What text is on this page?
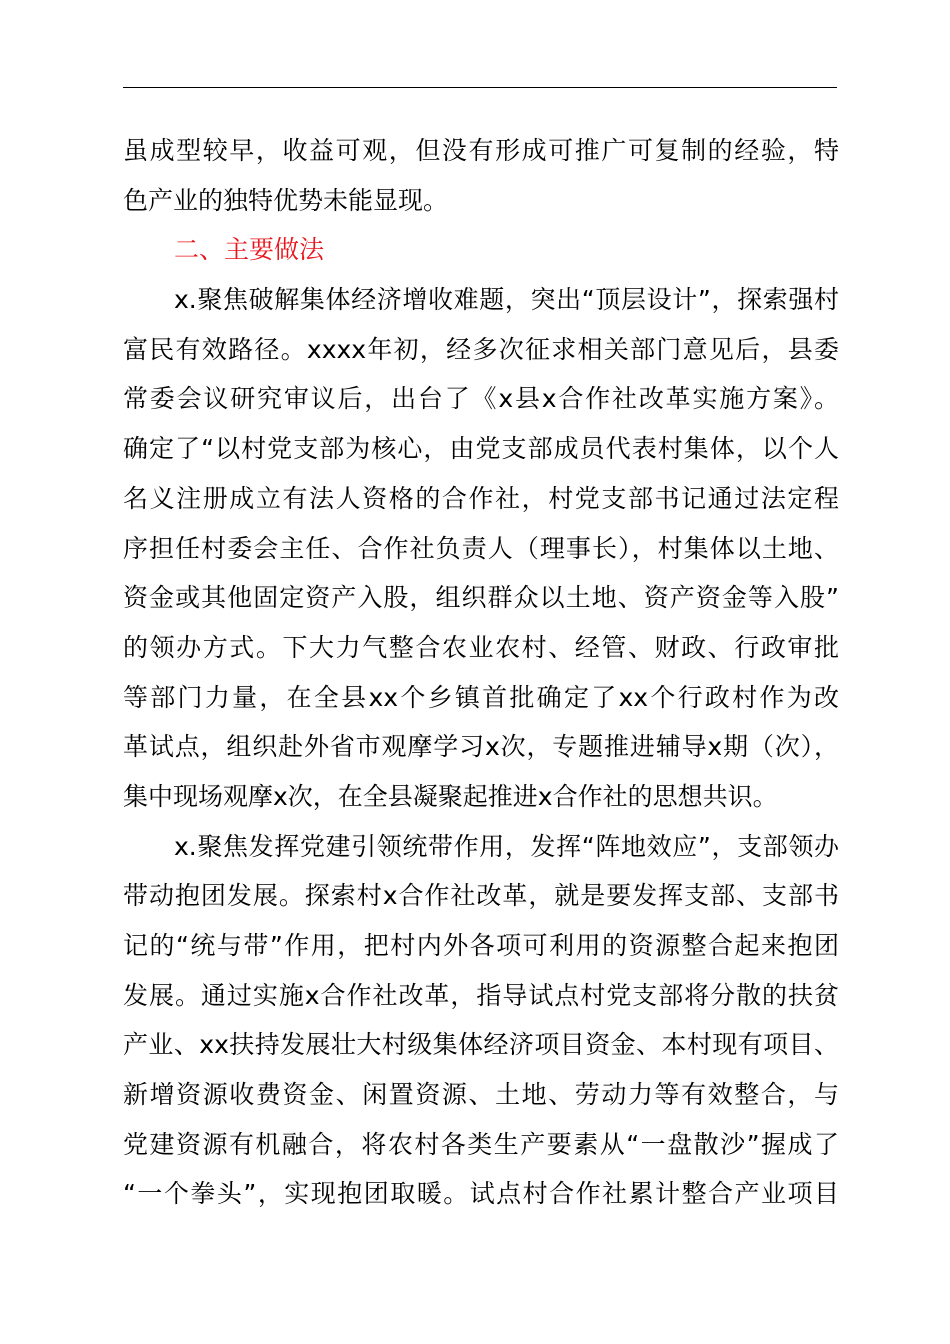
虽成型较早，收益可观，但没有形成可推广可复制的经验，特
色产业的独特优势未能显现。
二、主要做法
x.聚焦破解集体经济增收难题，突出“顶层设计”，探索强村
富民有效路径。xxxx年初，经多次征求相关部门意见后，县委
常委会议研究审议后，出台了《x县x合作社改革实施方案》。
确定了“以村党支部为核心，由党支部成员代表村集体，以个人
名义注册成立有法人资格的合作社，村党支部书记通过法定程
序担任村委会主任、合作社负责人（理事长），村集体以土地、
资金或其他固定资产入股，组织群众以土地、资产资金等入股”
的领办方式。下大力气整合农业农村、经管、财政、行政审批
等部门力量，在全县xx个乡镇首批确定了xx个行政村作为改
革试点，组织赴外省市观摩学习x次，专题推进辅导x期（次），
集中现场观摩x次，在全县凝聚起推进x合作社的思想共识。
x.聚焦发挥党建引领统带作用，发挥“阵地效应”，支部领办
带动抱团发展。探索村x合作社改革，就是要发挥支部、支部书
记的“统与带”作用，把村内外各项可利用的资源整合起来抱团
发展。通过实施x合作社改革，指导试点村党支部将分散的扶贫
产业、xx扶持发展壮大村级集体经济项目资金、本村现有项目、
新增资源收费资金、闲置资源、土地、劳动力等有效整合，与
党建资源有机融合，将农村各类生产要素从“一盘散沙”握成了
“一个拳头”，实现抱团取暖。试点村合作社累计整合产业项目
